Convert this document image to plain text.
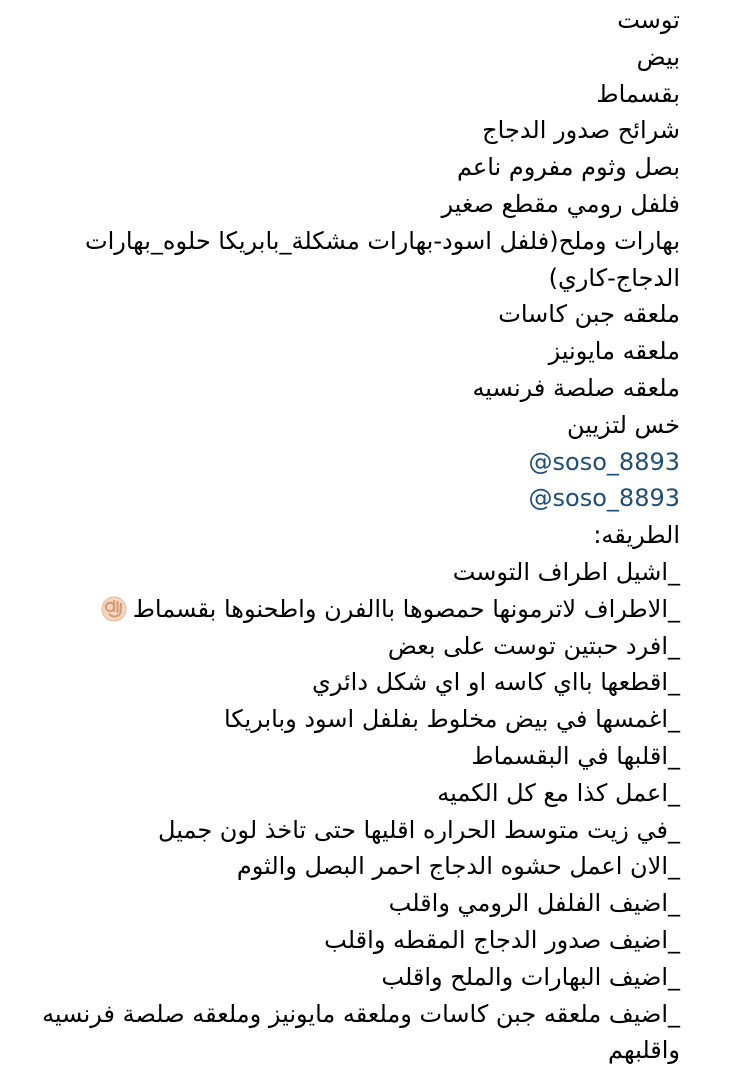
توست
بيض
بقسماط
شرائح صدور الدجاج
بصل وثوم مفروم ناعم
فلفل رومي مقطع صغير
بهارات وملح(فلفل اسود-بهارات مشكلة_بابريكا حلوه_بهارات الدجاج-كاري)
ملعقه جبن كاسات
ملعقه مايونيز
ملعقه صلصة فرنسيه
خس لتزيين
@soso_8893
@soso_8893
الطريقه:
_اشيل اطراف التوست
_الاطراف لاترمونها حمصوها باالفرن واطحنوها بقسماط
_افرد حبتين توست على بعض
_اقطعها بااي كاسه او اي شكل دائري
_اغمسها في بيض مخلوط بفلفل اسود وبابريكا
_اقلبها في البقسماط
_اعمل كذا مع كل الكميه
_في زيت متوسط الحراره اقليها حتى تاخذ لون جميل
_الان اعمل حشوه الدجاج احمر البصل والثوم
_اضيف الفلفل الرومي واقلب
_اضيف صدور الدجاج المقطه واقلب
_اضيف البهارات والملح واقلب
_اضيف ملعقه جبن كاسات وملعقه مايونيز وملعقه صلصة فرنسيه واقلبهم
